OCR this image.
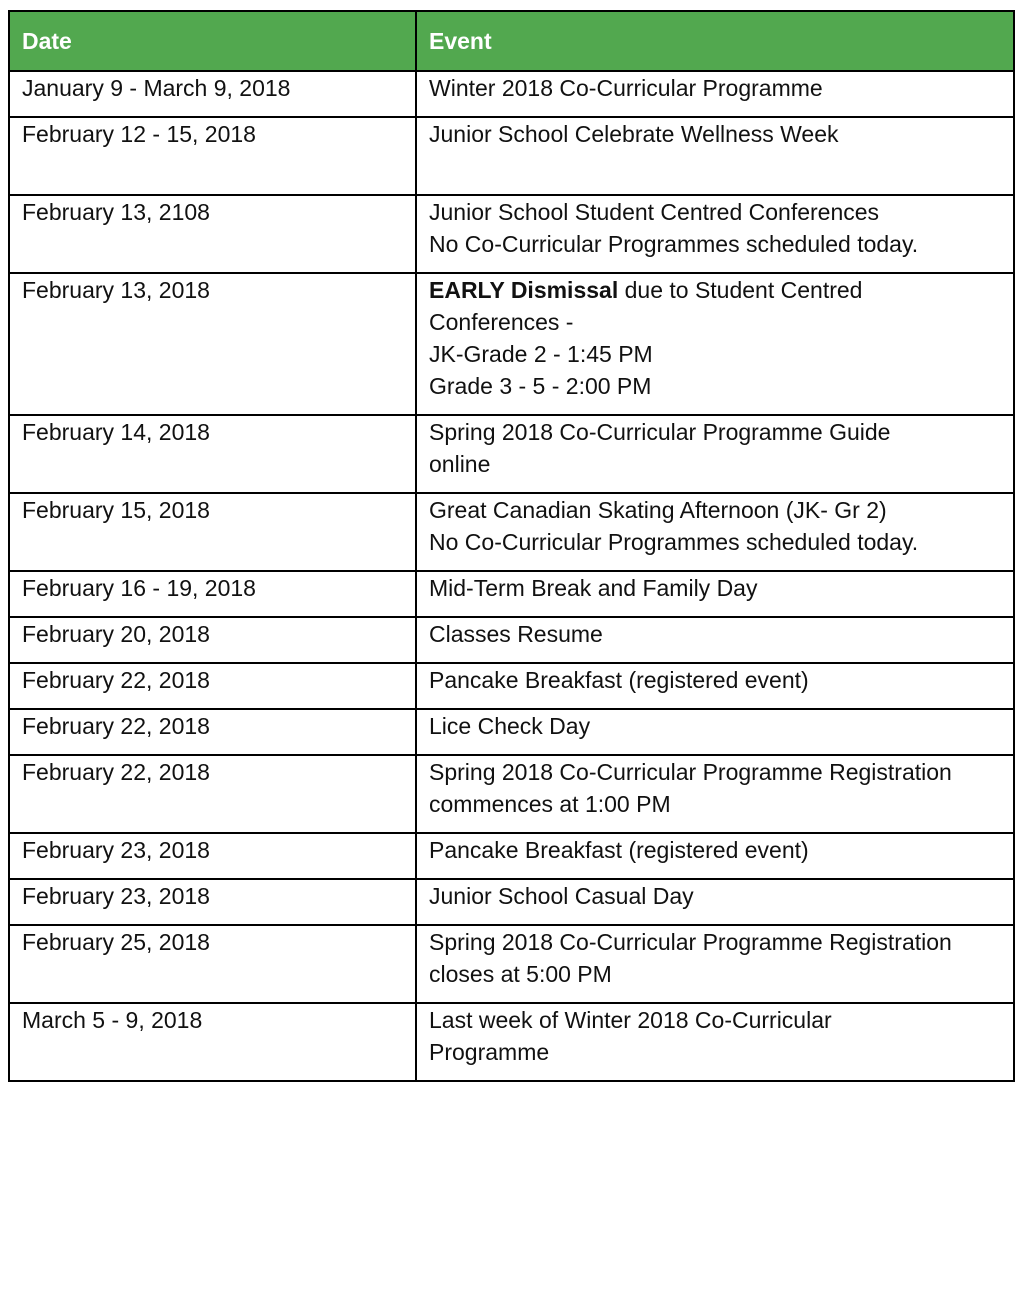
Date	Event
January 9 - March 9, 2018	Winter 2018 Co-Curricular Programme

February 12 - 15, 2018	Junior School Celebrate Wellness Week

February 13, 2108	Junior School Student Centred Conferences
No Co-Curricular Programmes scheduled today.

February 13, 2018	EARLY Dismissal due to Student Centred
Conferences -
JK-Grade 2 - 1:45 PM
Grade 3 - 5 - 2:00 PM

February 14, 2018	Spring 2018 Co-Curricular Programme Guide
online

February 15, 2018	Great Canadian Skating Afternoon (JK- Gr 2)
No Co-Curricular Programmes scheduled today.

February 16 - 19, 2018	Mid-Term Break and Family Day

February 20, 2018	Classes Resume

February 22, 2018	Pancake Breakfast (registered event)

February 22, 2018	Lice Check Day

February 22, 2018	Spring 2018 Co-Curricular Programme Registration
commences at 1:00 PM

February 23, 2018	Pancake Breakfast (registered event)

February 23, 2018	Junior School Casual Day

February 25, 2018	Spring 2018 Co-Curricular Programme Registration
closes at 5:00 PM

March 5 - 9, 2018	Last week of Winter 2018 Co-Curricular
Programme
